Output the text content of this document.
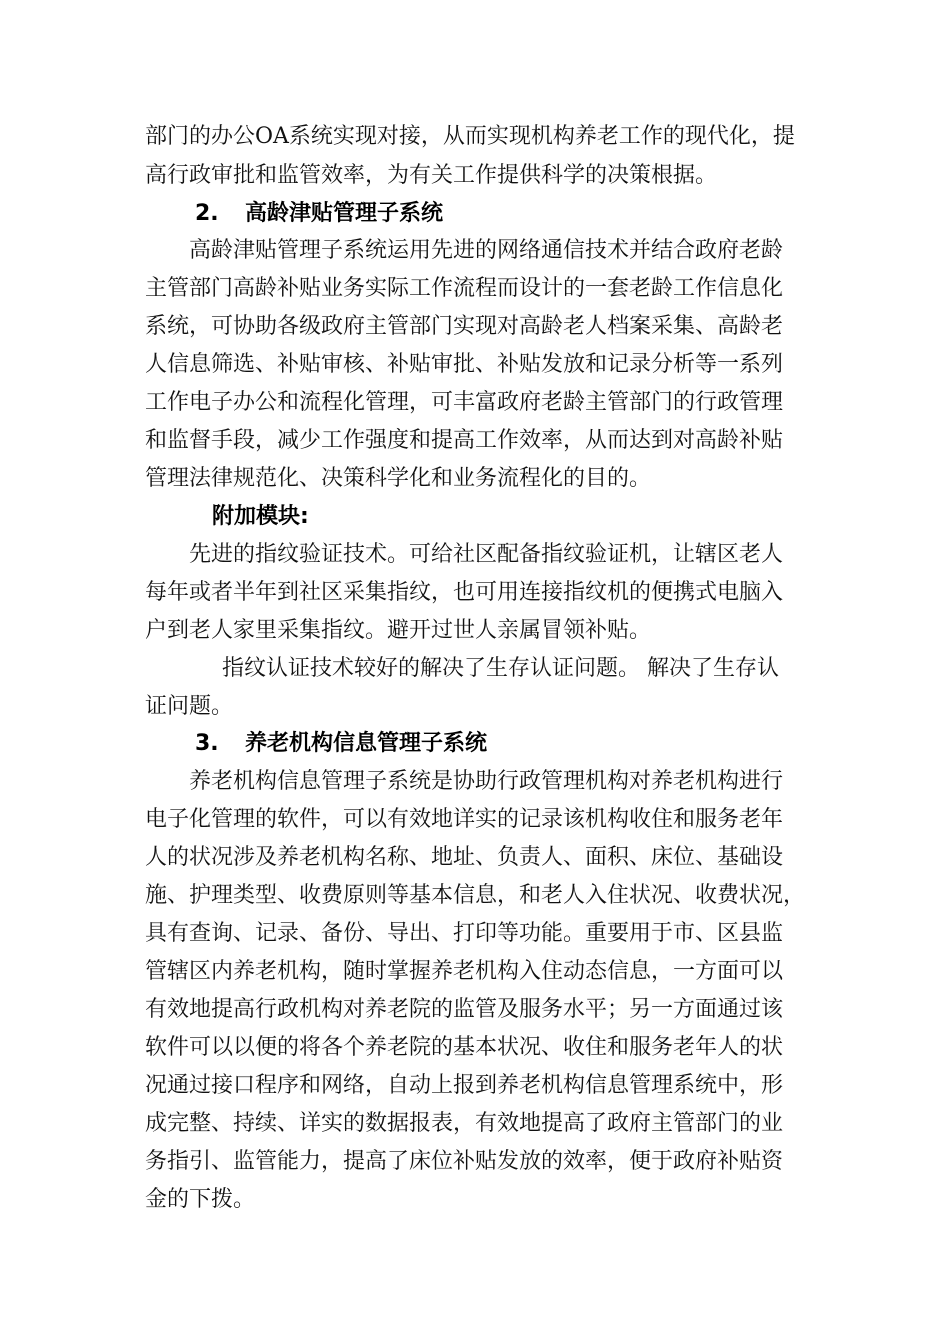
部门的办公OA系统实现对接，从而实现机构养老工作的现代化，提

高行政审批和监管效率，为有关工作提供科学的决策根据。

2. 高龄津贴管理子系统

高龄津贴管理子系统运用先进的网络通信技术并结合政府老龄

主管部门高龄补贴业务实际工作流程而设计的一套老龄工作信息化

系统，可协助各级政府主管部门实现对高龄老人档案采集、高龄老

人信息筛选、补贴审核、补贴审批、补贴发放和记录分析等一系列

工作电子办公和流程化管理，可丰富政府老龄主管部门的行政管理

和监督手段，减少工作强度和提高工作效率，从而达到对高龄补贴

管理法律规范化、决策科学化和业务流程化的目的。

附加模块:

先进的指纹验证技术。可给社区配备指纹验证机，让辖区老人

每年或者半年到社区采集指纹，也可用连接指纹机的便携式电脑入

户到老人家里采集指纹。避开过世人亲属冒领补贴。

指纹认证技术较好的解决了生存认证问题。 解决了生存认

证问题。

3. 养老机构信息管理子系统

养老机构信息管理子系统是协助行政管理机构对养老机构进行

电子化管理的软件，可以有效地详实的记录该机构收住和服务老年

人的状况涉及养老机构名称、地址、负责人、面积、床位、基础设

施、护理类型、收费原则等基本信息，和老人入住状况、收费状况，

具有查询、记录、备份、导出、打印等功能。重要用于市、区县监

管辖区内养老机构，随时掌握养老机构入住动态信息，一方面可以

有效地提高行政机构对养老院的监管及服务水平；另一方面通过该

软件可以以便的将各个养老院的基本状况、收住和服务老年人的状

况通过接口程序和网络，自动上报到养老机构信息管理系统中，形

成完整、持续、详实的数据报表，有效地提高了政府主管部门的业

务指引、监管能力，提高了床位补贴发放的效率，便于政府补贴资

金的下拨。
